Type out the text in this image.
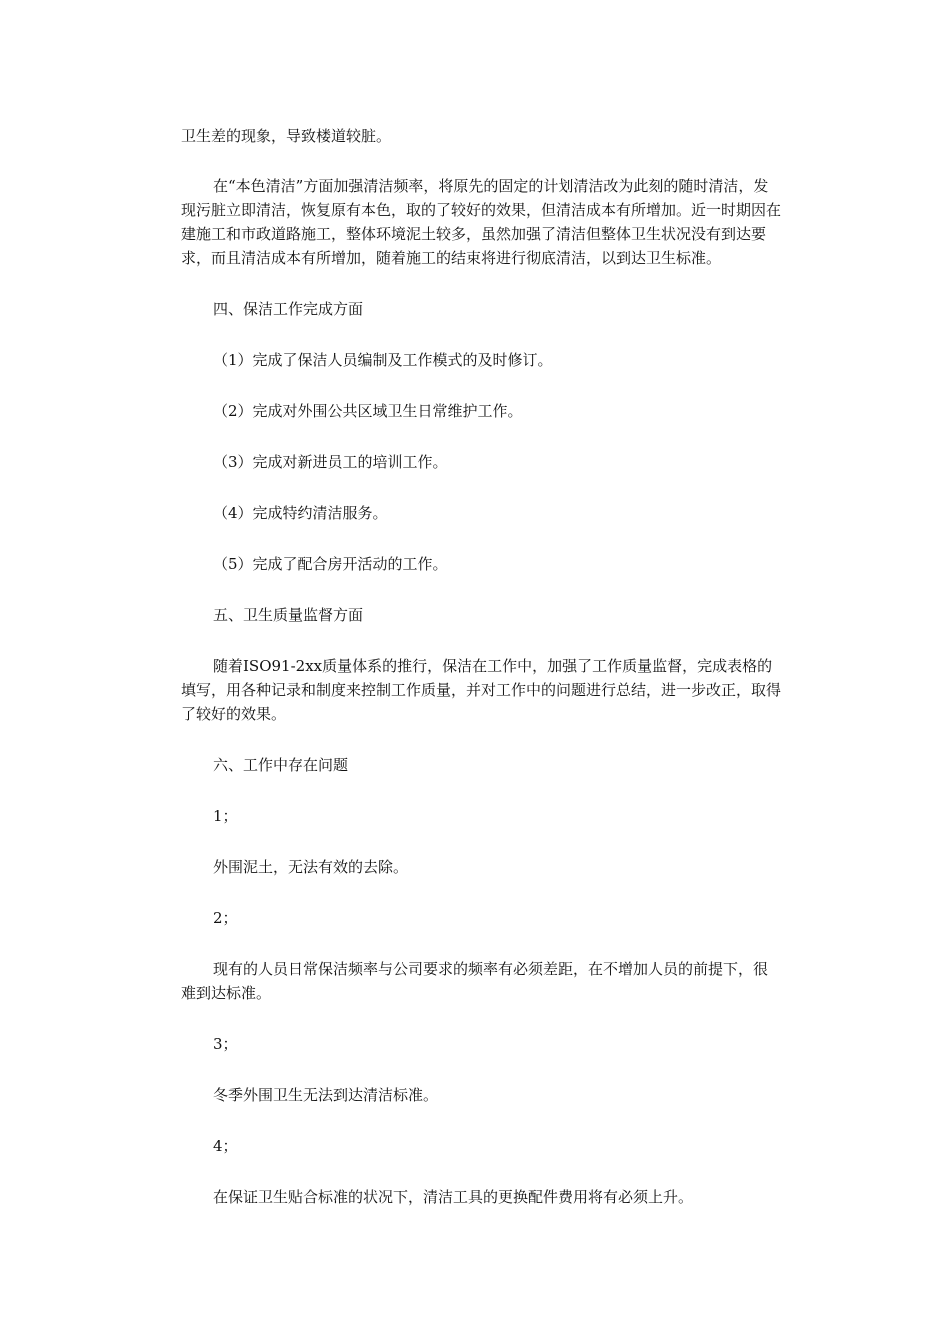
卫生差的现象，导致楼道较脏。

在“本色清洁”方面加强清洁频率，将原先的固定的计划清洁改为此刻的随时清洁，发现污脏立即清洁，恢复原有本色，取的了较好的效果，但清洁成本有所增加。近一时期因在建施工和市政道路施工，整体环境泥土较多，虽然加强了清洁但整体卫生状况没有到达要求，而且清洁成本有所增加，随着施工的结束将进行彻底清洁，以到达卫生标准。

四、保洁工作完成方面

（1）完成了保洁人员编制及工作模式的及时修订。

（2）完成对外围公共区域卫生日常维护工作。

（3）完成对新进员工的培训工作。

（4）完成特约清洁服务。

（5）完成了配合房开活动的工作。

五、卫生质量监督方面

随着ISO91-2xx质量体系的推行，保洁在工作中，加强了工作质量监督，完成表格的填写，用各种记录和制度来控制工作质量，并对工作中的问题进行总结，进一步改正，取得了较好的效果。

六、工作中存在问题

1；

外围泥土，无法有效的去除。

2；

现有的人员日常保洁频率与公司要求的频率有必须差距，在不增加人员的前提下，很难到达标准。

3；

冬季外围卫生无法到达清洁标准。

4；

在保证卫生贴合标准的状况下，清洁工具的更换配件费用将有必须上升。
